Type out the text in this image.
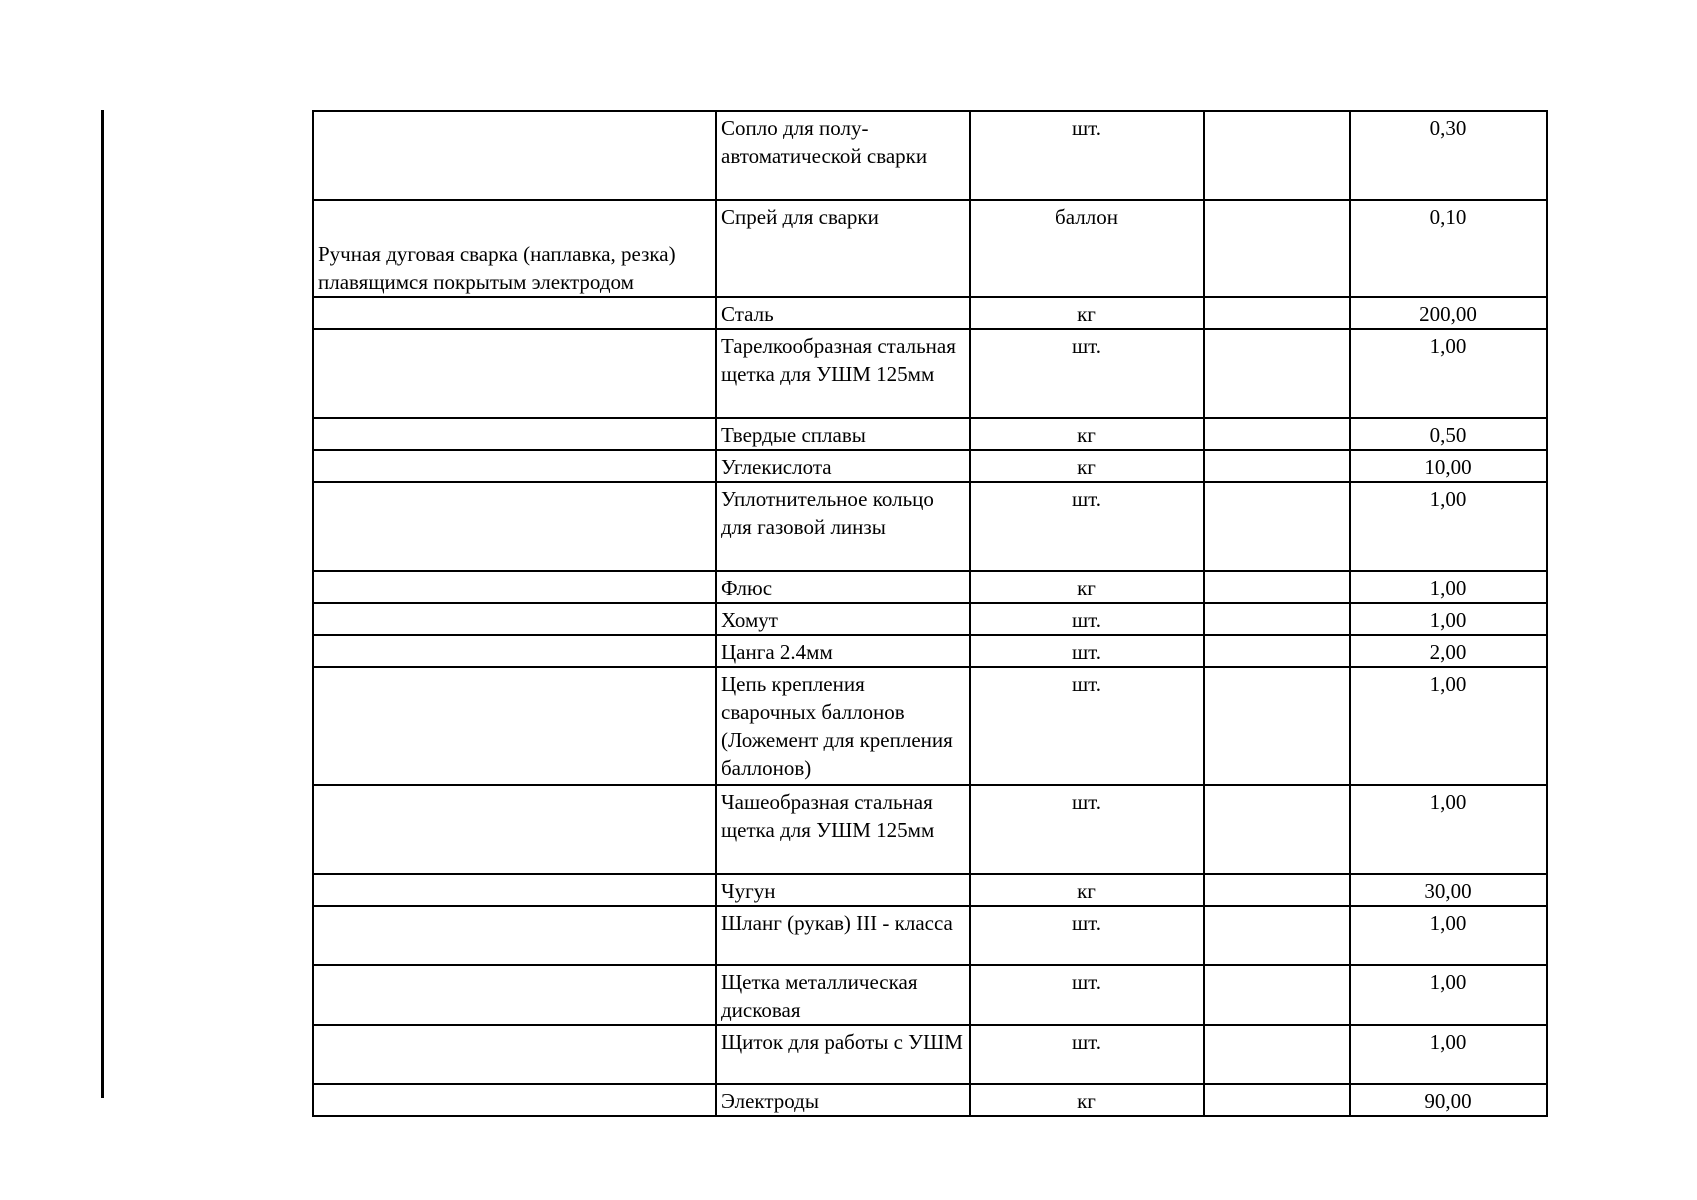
	Сопло для полу-автоматической сварки	шт.		0,30
Ручная дуговая сварка (наплавка, резка) плавящимся покрытым электродом	Спрей для сварки	баллон		0,10
	Сталь	кг		200,00
	Тарелкообразная стальная щетка для УШМ 125мм	шт.		1,00
	Твердые сплавы	кг		0,50
	Углекислота	кг		10,00
	Уплотнительное кольцо для газовой линзы	шт.		1,00
	Флюс	кг		1,00
	Хомут	шт.		1,00
	Цанга 2.4мм	шт.		2,00
	Цепь крепления сварочных баллонов (Ложемент для крепления баллонов)	шт.		1,00
	Чашеобразная стальная щетка для УШМ 125мм	шт.		1,00
	Чугун	кг		30,00
	Шланг (рукав) III - класса	шт.		1,00
	Щетка металлическая дисковая	шт.		1,00
	Щиток для работы с УШМ	шт.		1,00
	Электроды	кг		90,00
